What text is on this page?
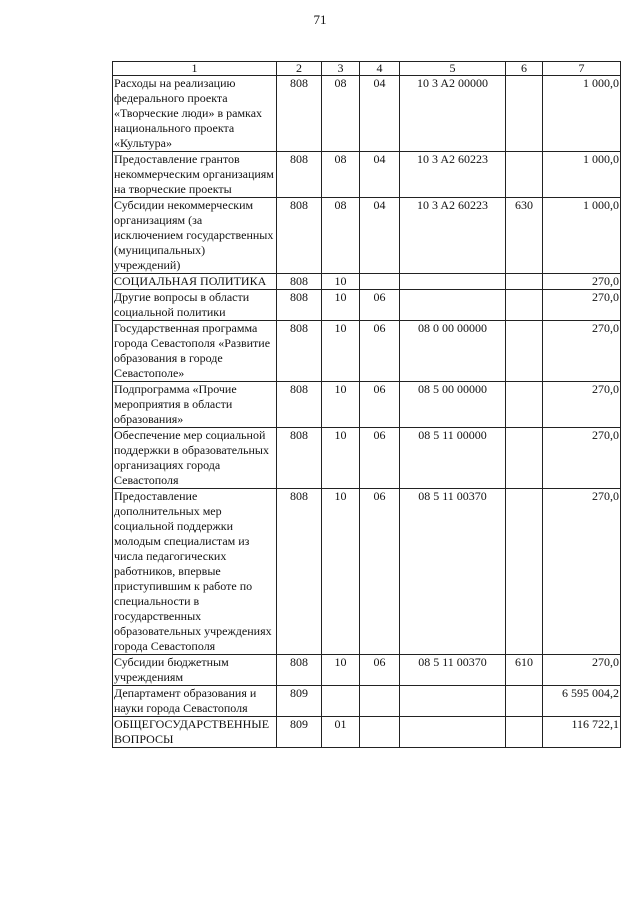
71
1	2	3	4	5	6	7
Расходы на реализацию федерального проекта «Творческие люди» в рамках национального проекта «Культура»	808	08	04	10 3 A2 00000		1 000,0
Предоставление грантов некоммерческим организациям на творческие проекты	808	08	04	10 3 A2 60223		1 000,0
Субсидии некоммерческим организациям (за исключением государственных (муниципальных) учреждений)	808	08	04	10 3 A2 60223	630	1 000,0
СОЦИАЛЬНАЯ ПОЛИТИКА	808	10				270,0
Другие вопросы в области социальной политики	808	10	06			270,0
Государственная программа города Севастополя «Развитие образования в городе Севастополе»	808	10	06	08 0 00 00000		270,0
Подпрограмма «Прочие мероприятия в области образования»	808	10	06	08 5 00 00000		270,0
Обеспечение мер социальной поддержки в образовательных организациях города Севастополя	808	10	06	08 5 11 00000		270,0
Предоставление дополнительных мер социальной поддержки молодым специалистам из числа педагогических работников, впервые приступившим к работе по специальности в государственных образовательных учреждениях города Севастополя	808	10	06	08 5 11 00370		270,0
Субсидии бюджетным учреждениям	808	10	06	08 5 11 00370	610	270,0
Департамент образования и науки города Севастополя	809					6 595 004,2
ОБЩЕГОСУДАРСТВЕННЫЕ ВОПРОСЫ	809	01				116 722,1
